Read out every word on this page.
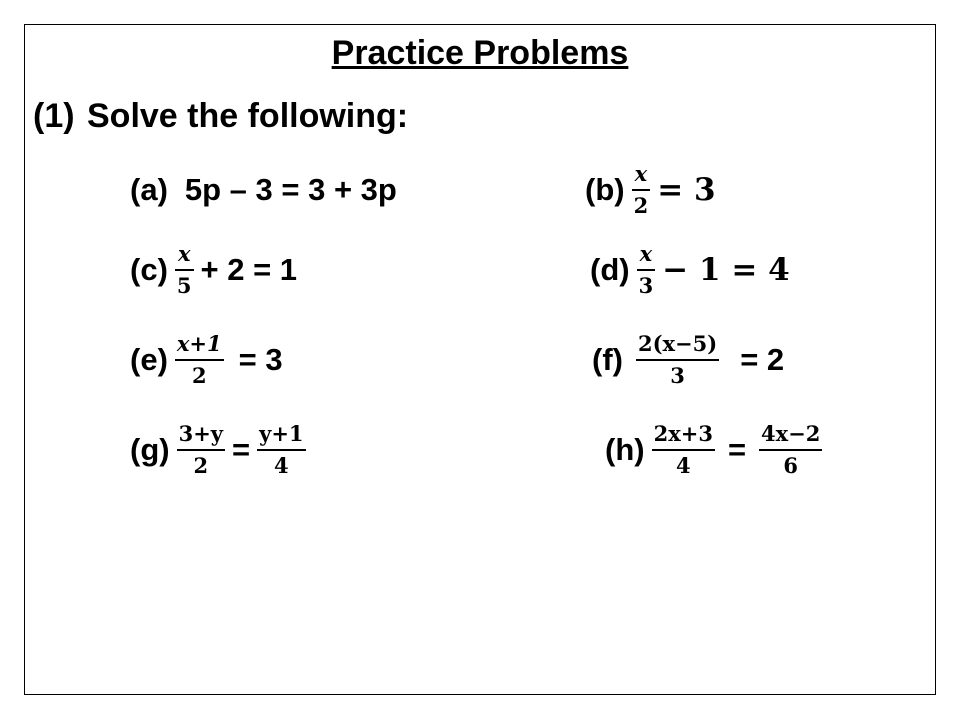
Practice Problems
(1) Solve the following:
(a) 5p – 3 = 3 + 3p	$(b) \frac{x}{2} = 3$
$(c) \frac{x}{5} + 2 = 1$	$(d) \frac{x}{3} - 1 = 4$
$(e) \frac{x+1}{2} = 3$	$(f) \frac{2(x-5)}{3} = 2$
$(g) \frac{3+y}{2} = \frac{y+1}{4}$	$(h) \frac{2x+3}{4} = \frac{4x-2}{6}$
